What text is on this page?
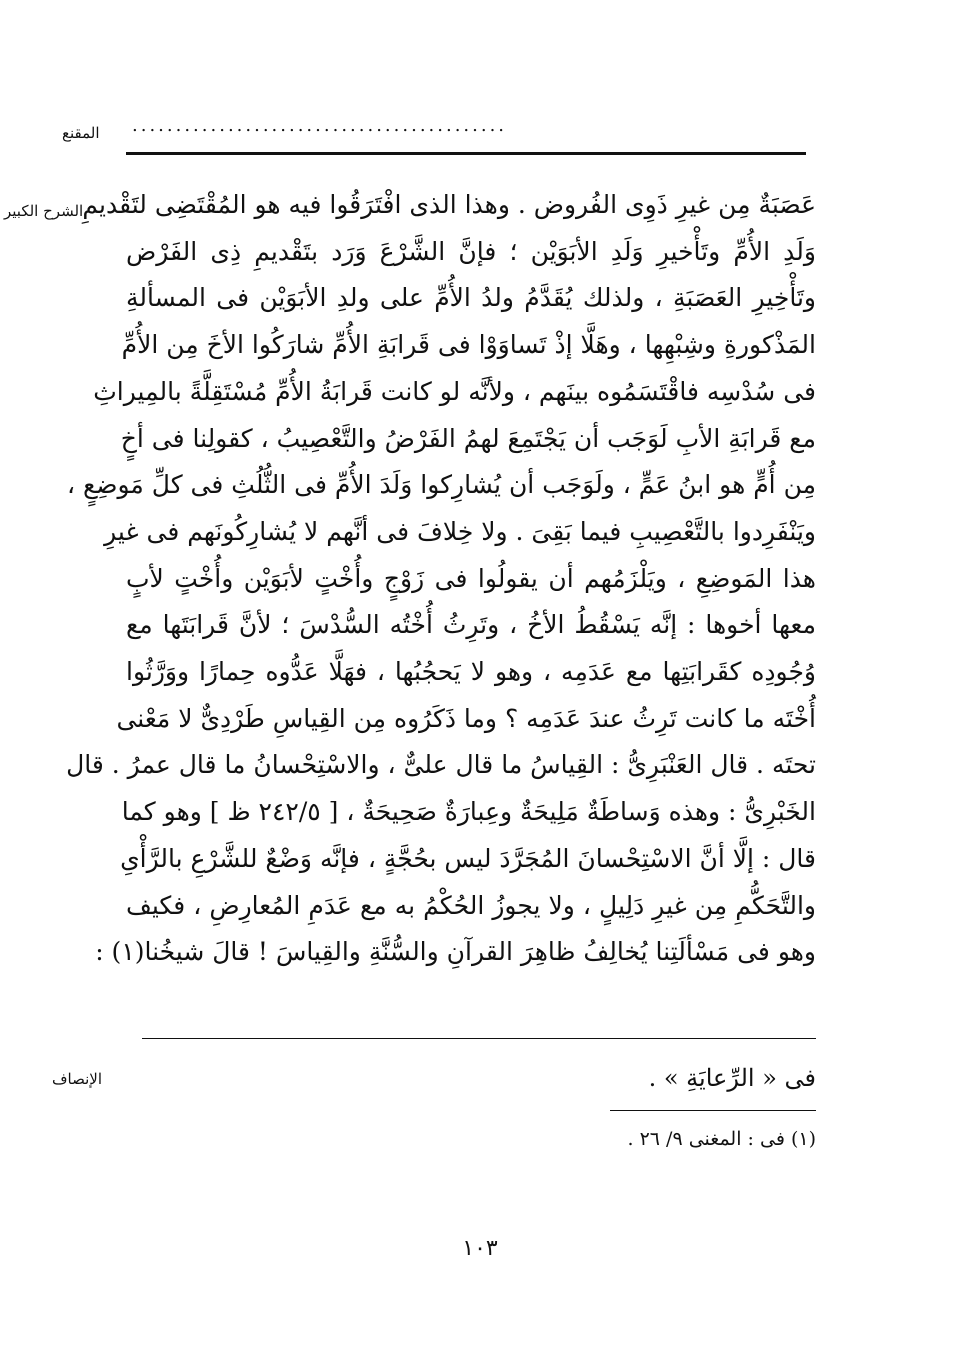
المقنع
الشرح الكبير
الإنصاف
...........................................
عَصَبَةٌ مِن غيرِ ذَوِى الفُروض . وهذا الذى افْتَرَقُوا فيه هو المُقْتَضِى لتَقْديمِ
وَلَدِ الأُمِّ وتَأْخيرِ وَلَدِ الأبَوَيْن ؛ فإنَّ الشَّرْعَ وَرَد بتَقْديمِ ذِى الفَرْض
وتَأْخِيرِ العَصَبَةِ ، ولذلك يُقَدَّمُ ولدُ الأُمِّ على ولدِ الأبَوَيْن فى المسألةِ
المَذْكورةِ وشِبْهِها ، وهَلَّا إذْ تَساوَوْا فى قَرابَةِ الأُمِّ شارَكُوا الأخَ مِن الأُمِّ
فى سُدْسِه فاقْتَسَمُوه بينَهم ، ولأنَّه لو كانت قَرابَةُ الأُمِّ مُسْتَقِلَّةً بالمِيراثِ
مع قَرابَةِ الأبِ لَوَجَب أن يَجْتَمِعَ لهمُ الفَرْضُ والتَّعْصِيبُ ، كقولِنا فى أخٍ
مِن أُمٍّ هو ابنُ عَمٍّ ، ولَوَجَب أن يُشارِكوا وَلَدَ الأُمِّ فى الثُّلُثِ فى كلِّ مَوضِعٍ ،
ويَنْفَرِدوا بالتَّعْصِيبِ فيما بَقِىَ . ولا خِلافَ فى أنَّهم لا يُشارِكُونَهم فى غيرِ
هذا المَوضِعِ ، ويَلْزَمُهم أن يقولُوا فى زَوْجٍ وأُخْتٍ لأبَوَيْن وأُخْتٍ لأبٍ
معها أخوها : إنَّه يَسْقُطُ الأخُ ، وتَرِثُ أُخْتُه السُّدْسَ ؛ لأنَّ قَرابَتَها مع
وُجُودِه كقَرابَتِها مع عَدَمِه ، وهو لا يَحجُبُها ، فهَلَّا عَدُّوه حِمارًا ووَرَّثُوا
أُخْتَه ما كانت تَرِثُ عندَ عَدَمِه ؟ وما ذَكَرُوه مِن القِياسِ طَرْدِىٌّ لا مَعْنى
تحتَه . قال العَنْبَرِىُّ : القِياسُ ما قال علىٌّ ، والاسْتِحْسانُ ما قال عمرُ . قال
الخَبْرِىُّ : وهذه وَساطَةٌ مَلِيحَةٌ وعِبارَةٌ صَحِيحَةٌ ، [ ٢٤٢/٥ ظ ] وهو كما
قال : إلَّا أنَّ الاسْتِحْسانَ المُجَرَّدَ ليس بحُجَّةٍ ، فإنَّه وَضْعٌ للشَّرْعِ بالرَّأْىِ
والتَّحَكُّمِ مِن غيرِ دَلِيلٍ ، ولا يجوزُ الحُكْمُ به مع عَدَمِ المُعارِضِ ، فكيف
وهو فى مَسْألَتِنا يُخالِفُ ظاهِرَ القرآنِ والسُّنَّةِ والقِياسَ ! قالَ شيخُنا(١) :
فى « الرِّعايَةِ » .
(١) فى : المغنى ٩/ ٢٦ .
١٠٣
